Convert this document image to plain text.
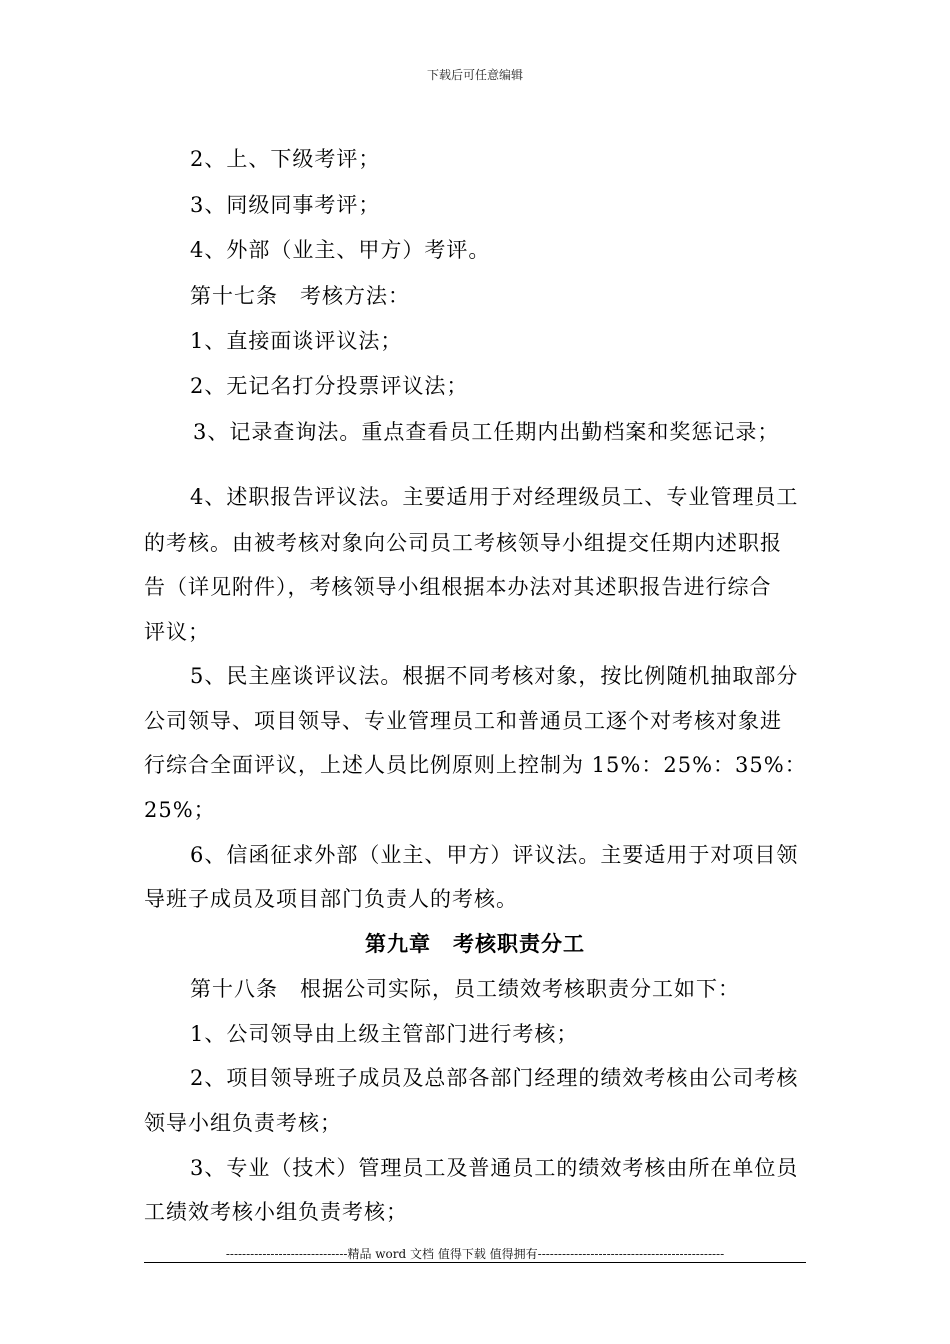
下载后可任意编辑
2、上、下级考评；
3、同级同事考评；
4、外部（业主、甲方）考评。
第十七条　考核方法：
1、直接面谈评议法；
2、无记名打分投票评议法；
3、记录查询法。重点查看员工任期内出勤档案和奖惩记录；
4、述职报告评议法。主要适用于对经理级员工、专业管理员工
的考核。由被考核对象向公司员工考核领导小组提交任期内述职报
告（详见附件），考核领导小组根据本办法对其述职报告进行综合
评议；
5、民主座谈评议法。根据不同考核对象，按比例随机抽取部分
公司领导、项目领导、专业管理员工和普通员工逐个对考核对象进
行综合全面评议，上述人员比例原则上控制为 15%：25%：35%：
25%；
6、信函征求外部（业主、甲方）评议法。主要适用于对项目领
导班子成员及项目部门负责人的考核。
第九章　考核职责分工
第十八条　根据公司实际，员工绩效考核职责分工如下：
1、公司领导由上级主管部门进行考核；
2、项目领导班子成员及总部各部门经理的绩效考核由公司考核
领导小组负责考核；
3、专业（技术）管理员工及普通员工的绩效考核由所在单位员
工绩效考核小组负责考核；
------------------------------精品 word 文档 值得下载 值得拥有----------------------------------------------
